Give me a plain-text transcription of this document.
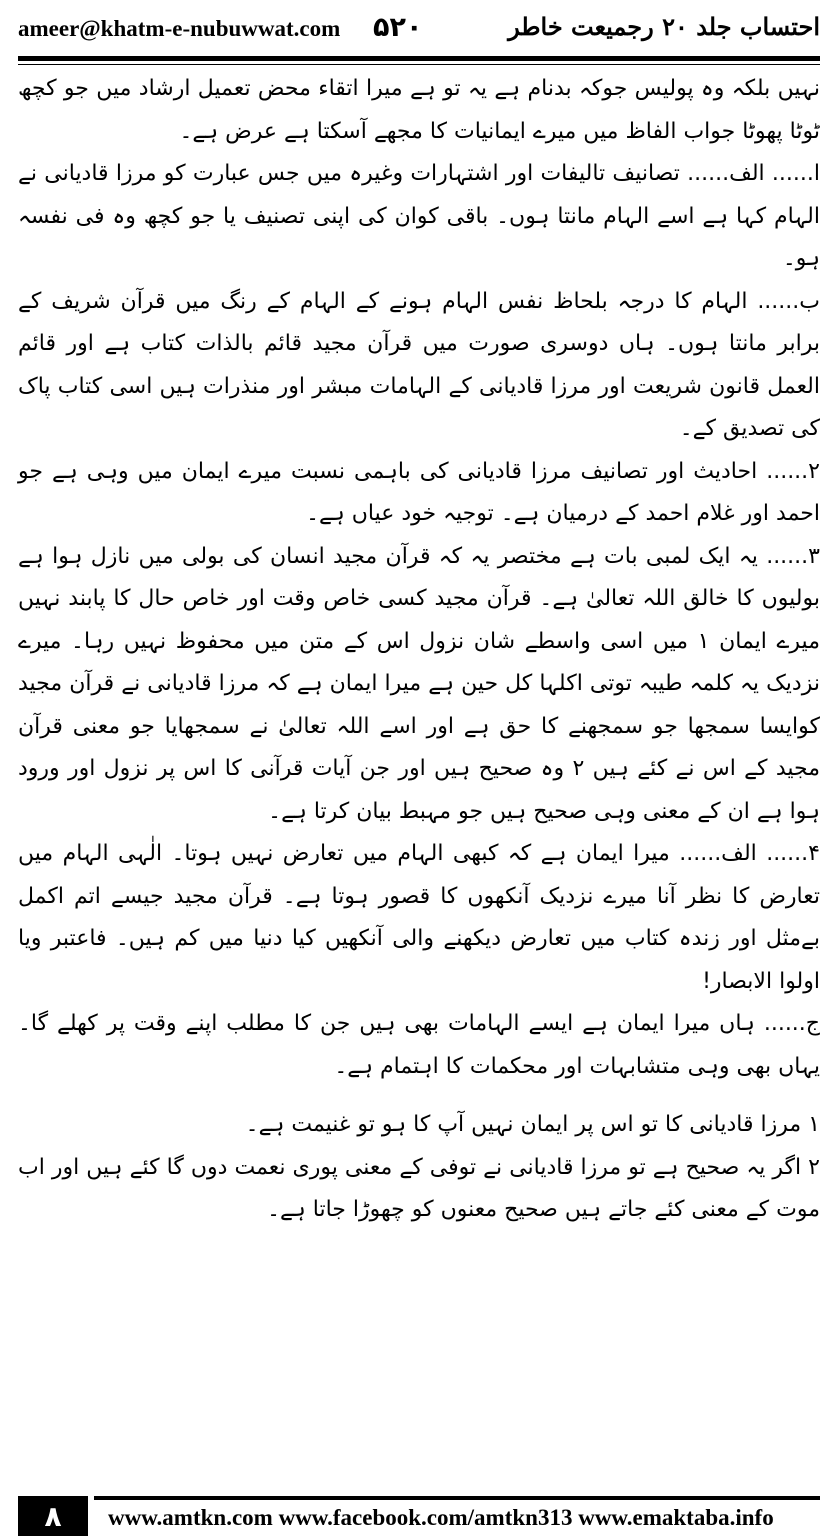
ameer@khatm-e-nubuwwat.com ۵۲۰	احتساب جلد ۲۰ رجمیعت خاطر

نہیں بلکہ وہ پولیس جوکہ بدنام ہے یہ تو ہے میرا اتقاء محض تعمیل ارشاد میں جو کچھ ٹوٹا پھوٹا جواب الفاظ میں میرے ایمانیات کا مجھے آسکتا ہے عرض ہے۔

ا...... الف...... تصانیف تالیفات اور اشتہارات وغیرہ میں جس عبارت کو مرزا قادیانی نے الہام کہا ہے اسے الہام مانتا ہوں۔ باقی کوان کی اپنی تصنیف یا جو کچھ وہ فی نفسہ ہو۔

ب...... الہام کا درجہ بلحاظ نفس الہام ہونے کے الہام کے رنگ میں قرآن شریف کے برابر مانتا ہوں۔ ہاں دوسری صورت میں قرآن مجید قائم بالذات کتاب ہے اور قائم العمل قانون شریعت اور مرزا قادیانی کے الہامات مبشر اور منذرات ہیں اسی کتاب پاک کی تصدیق کے۔

۲...... احادیث اور تصانیف مرزا قادیانی کی باہمی نسبت میرے ایمان میں وہی ہے جو احمد اور غلام احمد کے درمیان ہے۔ توجیہ خود عیاں ہے۔

۳...... یہ ایک لمبی بات ہے مختصر یہ کہ قرآن مجید انسان کی بولی میں نازل ہوا ہے بولیوں کا خالق اللہ تعالیٰ ہے۔ قرآن مجید کسی خاص وقت اور خاص حال کا پابند نہیں میرے ایمان ۱ میں اسی واسطے شان نزول اس کے متن میں محفوظ نہیں رہا۔ میرے نزدیک یہ کلمہ طیبہ توتی اکلہا کل حین ہے میرا ایمان ہے کہ مرزا قادیانی نے قرآن مجید کوایسا سمجھا جو سمجھنے کا حق ہے اور اسے اللہ تعالیٰ نے سمجھایا جو معنی قرآن مجید کے اس نے کئے ہیں ۲ وہ صحیح ہیں اور جن آیات قرآنی کا اس پر نزول اور ورود ہوا ہے ان کے معنی وہی صحیح ہیں جو مہبط بیان کرتا ہے۔

۴...... الف...... میرا ایمان ہے کہ کبھی الہام میں تعارض نہیں ہوتا۔ الٰہی الہام میں تعارض کا نظر آنا میرے نزدیک آنکھوں کا قصور ہوتا ہے۔ قرآن مجید جیسے اتم اکمل بےمثل اور زندہ کتاب میں تعارض دیکھنے والی آنکھیں کیا دنیا میں کم ہیں۔ فاعتبر ویا اولوا الابصار!

ج...... ہاں میرا ایمان ہے ایسے الہامات بھی ہیں جن کا مطلب اپنے وقت پر کھلے گا۔ یہاں بھی وہی متشابہات اور محکمات کا اہتمام ہے۔

۱ مرزا قادیانی کا تو اس پر ایمان نہیں آپ کا ہو تو غنیمت ہے۔

۲ اگر یہ صحیح ہے تو مرزا قادیانی نے توفی کے معنی پوری نعمت دوں گا کئے ہیں اور اب موت کے معنی کئے جاتے ہیں صحیح معنوں کو چھوڑا جاتا ہے۔

۸	www.amtkn.com www.facebook.com/amtkn313 www.emaktaba.info
